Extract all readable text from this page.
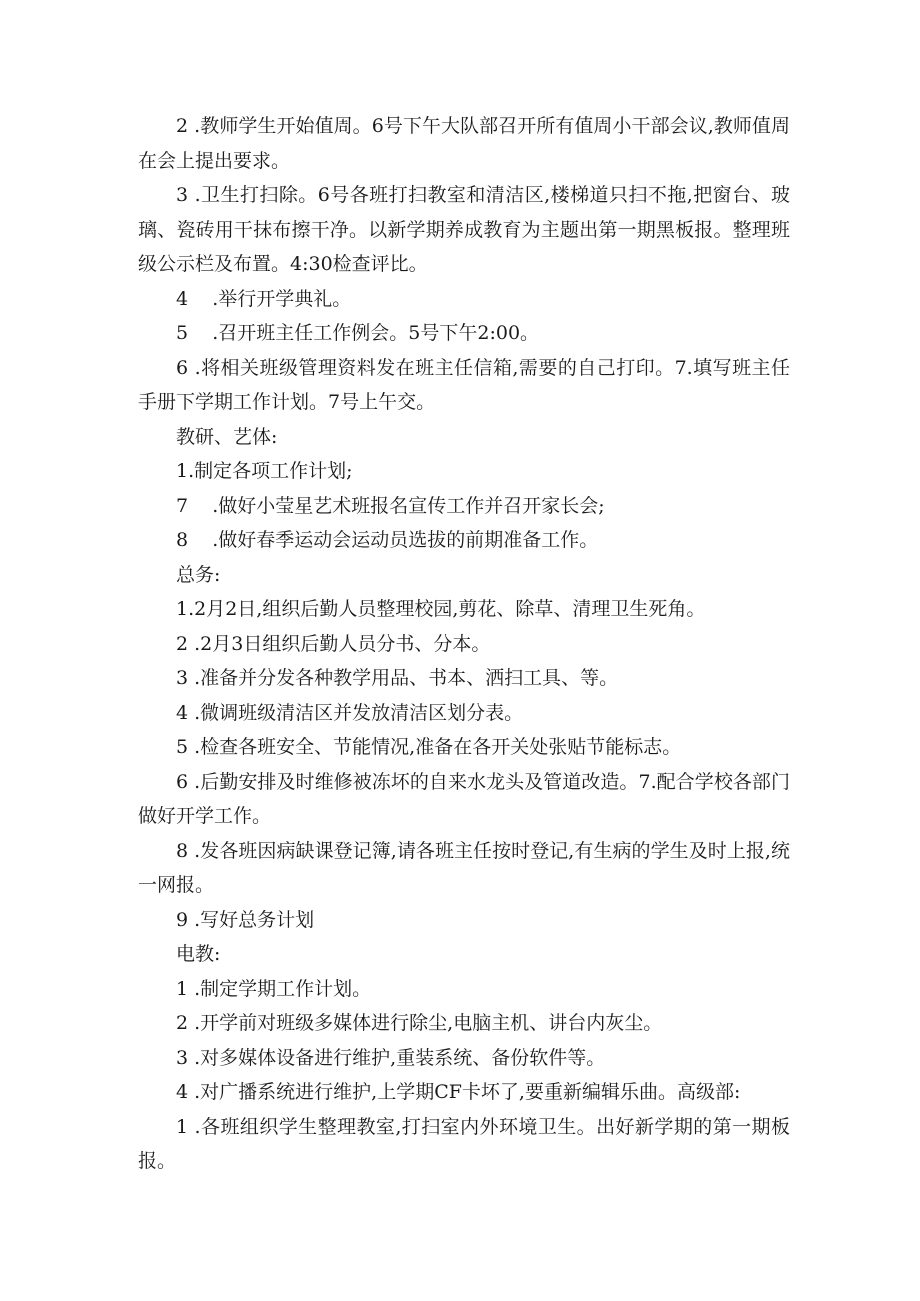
2 .教师学生开始值周。6号下午大队部召开所有值周小干部会议,教师值周在会上提出要求。

3 .卫生打扫除。6号各班打扫教室和清洁区,楼梯道只扫不拖,把窗台、玻璃、瓷砖用干抹布擦干净。以新学期养成教育为主题出第一期黑板报。整理班级公示栏及布置。4:30检查评比。

4    .举行开学典礼。

5    .召开班主任工作例会。5号下午2:00。

6 .将相关班级管理资料发在班主任信箱,需要的自己打印。7.填写班主任手册下学期工作计划。7号上午交。

教研、艺体:

1.制定各项工作计划;

7    .做好小莹星艺术班报名宣传工作并召开家长会;

8    .做好春季运动会运动员选拔的前期准备工作。

总务:

1.2月2日,组织后勤人员整理校园,剪花、除草、清理卫生死角。

2 .2月3日组织后勤人员分书、分本。

3 .准备并分发各种教学用品、书本、洒扫工具、等。

4 .微调班级清洁区并发放清洁区划分表。

5 .检查各班安全、节能情况,准备在各开关处张贴节能标志。

6 .后勤安排及时维修被冻坏的自来水龙头及管道改造。7.配合学校各部门做好开学工作。

8 .发各班因病缺课登记簿,请各班主任按时登记,有生病的学生及时上报,统一网报。

9 .写好总务计划

电教:

1 .制定学期工作计划。

2 .开学前对班级多媒体进行除尘,电脑主机、讲台内灰尘。

3 .对多媒体设备进行维护,重装系统、备份软件等。

4 .对广播系统进行维护,上学期CF卡坏了,要重新编辑乐曲。高级部:

1 .各班组织学生整理教室,打扫室内外环境卫生。出好新学期的第一期板报。
